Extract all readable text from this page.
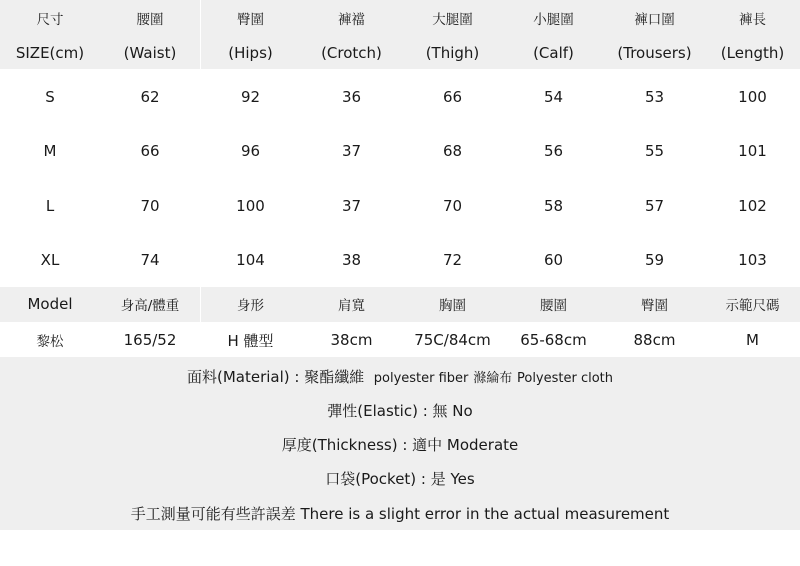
尺寸	腰圍	臀圍	褲襠	大腿圍	小腿圍	褲口圍	褲長
SIZE(cm)	(Waist)	(Hips)	(Crotch)	(Thigh)	(Calf)	(Trousers)	(Length)
S	62	92	36	66	54	53	100
M	66	96	37	68	56	55	101
L	70	100	37	70	58	57	102
XL	74	104	38	72	60	59	103
Model	身高/體重	身形	肩寬	胸圍	腰圍	臀圍	示範尺碼
黎松	165/52	H 體型	38cm	75C/84cm	65-68cm	88cm	M
面料(Material) : 聚酯纖維 polyester fiber 滌綸布 Polyester cloth
彈性(Elastic) : 無 No
厚度(Thickness) : 適中 Moderate
口袋(Pocket) : 是 Yes
手工測量可能有些許誤差 There is a slight error in the actual measurement
